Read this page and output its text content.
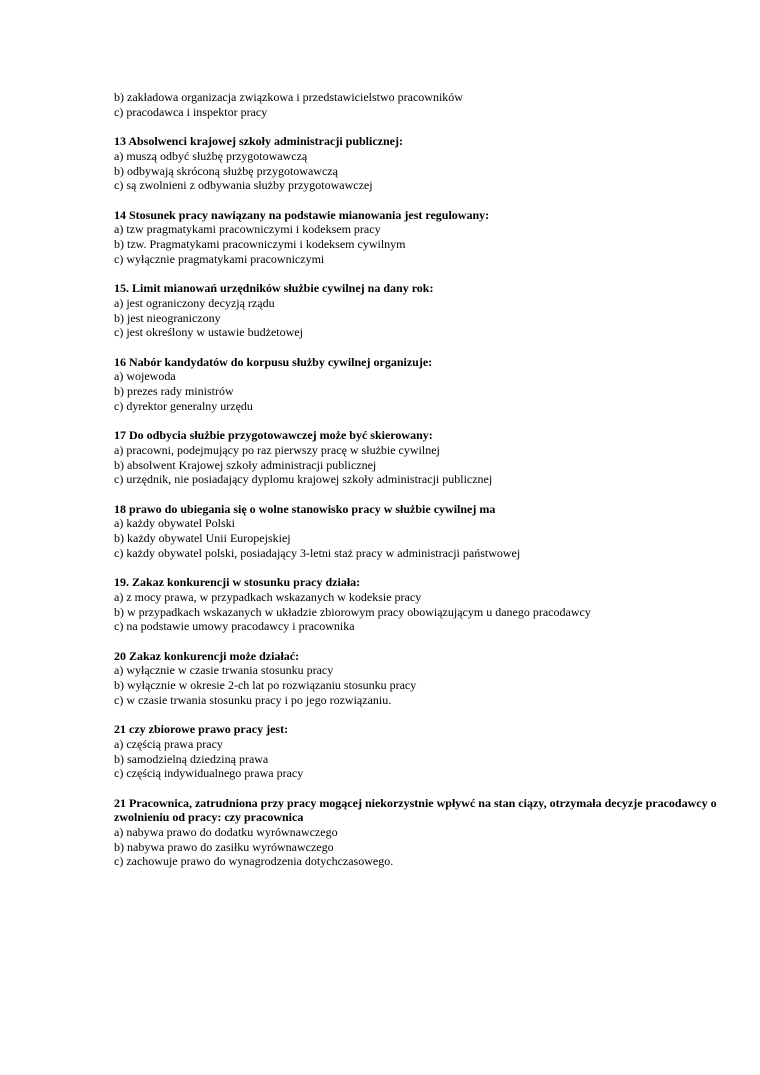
b) zakładowa organizacja związkowa i przedstawicielstwo pracowników
c) pracodawca i inspektor pracy
13 Absolwenci krajowej szkoły administracji publicznej:
a) muszą odbyć służbę przygotowawczą
b) odbywają skróconą służbę przygotowawczą
c) są zwolnieni z odbywania służby przygotowawczej
14 Stosunek pracy nawiązany na podstawie mianowania jest regulowany:
a) tzw pragmatykami pracowniczymi i kodeksem pracy
b) tzw. Pragmatykami pracowniczymi i kodeksem cywilnym
c) wyłącznie pragmatykami pracowniczymi
15. Limit mianowań urzędników służbie cywilnej na dany rok:
a) jest ograniczony decyzją rządu
b) jest nieograniczony
c) jest określony w ustawie budżetowej
16 Nabór kandydatów do korpusu służby cywilnej organizuje:
a) wojewoda
b) prezes rady ministrów
c) dyrektor generalny urzędu
17 Do odbycia służbie przygotowawczej może być skierowany:
a) pracowni, podejmujący po raz pierwszy pracę w służbie cywilnej
b) absolwent Krajowej szkoły administracji publicznej
c) urzędnik, nie posiadający dyplomu krajowej szkoły administracji publicznej
18 prawo do ubiegania się o wolne stanowisko pracy w służbie cywilnej ma
a) każdy obywatel Polski
b) każdy obywatel Unii Europejskiej
c) każdy obywatel polski, posiadający 3-letni staż pracy w administracji państwowej
19. Zakaz konkurencji w stosunku pracy działa:
a) z mocy prawa, w przypadkach wskazanych w kodeksie pracy
b) w przypadkach wskazanych w układzie zbiorowym pracy obowiązującym u danego pracodawcy
c) na podstawie umowy pracodawcy i pracownika
20 Zakaz konkurencji może działać:
a) wyłącznie w czasie trwania stosunku pracy
b) wyłącznie w okresie 2-ch lat po rozwiązaniu stosunku pracy
c) w czasie trwania stosunku pracy i po jego rozwiązaniu.
21 czy zbiorowe prawo pracy jest:
a) częścią prawa pracy
b) samodzielną dziedziną prawa
c) częścią indywidualnego prawa pracy
21 Pracownica, zatrudniona przy pracy mogącej niekorzystnie wpływć na stan ciązy, otrzymała decyzje pracodawcy o zwolnieniu od pracy: czy pracownica
a) nabywa prawo do dodatku wyrównawczego
b) nabywa prawo do zasiłku wyrównawczego
c) zachowuje prawo do wynagrodzenia dotychczasowego.
